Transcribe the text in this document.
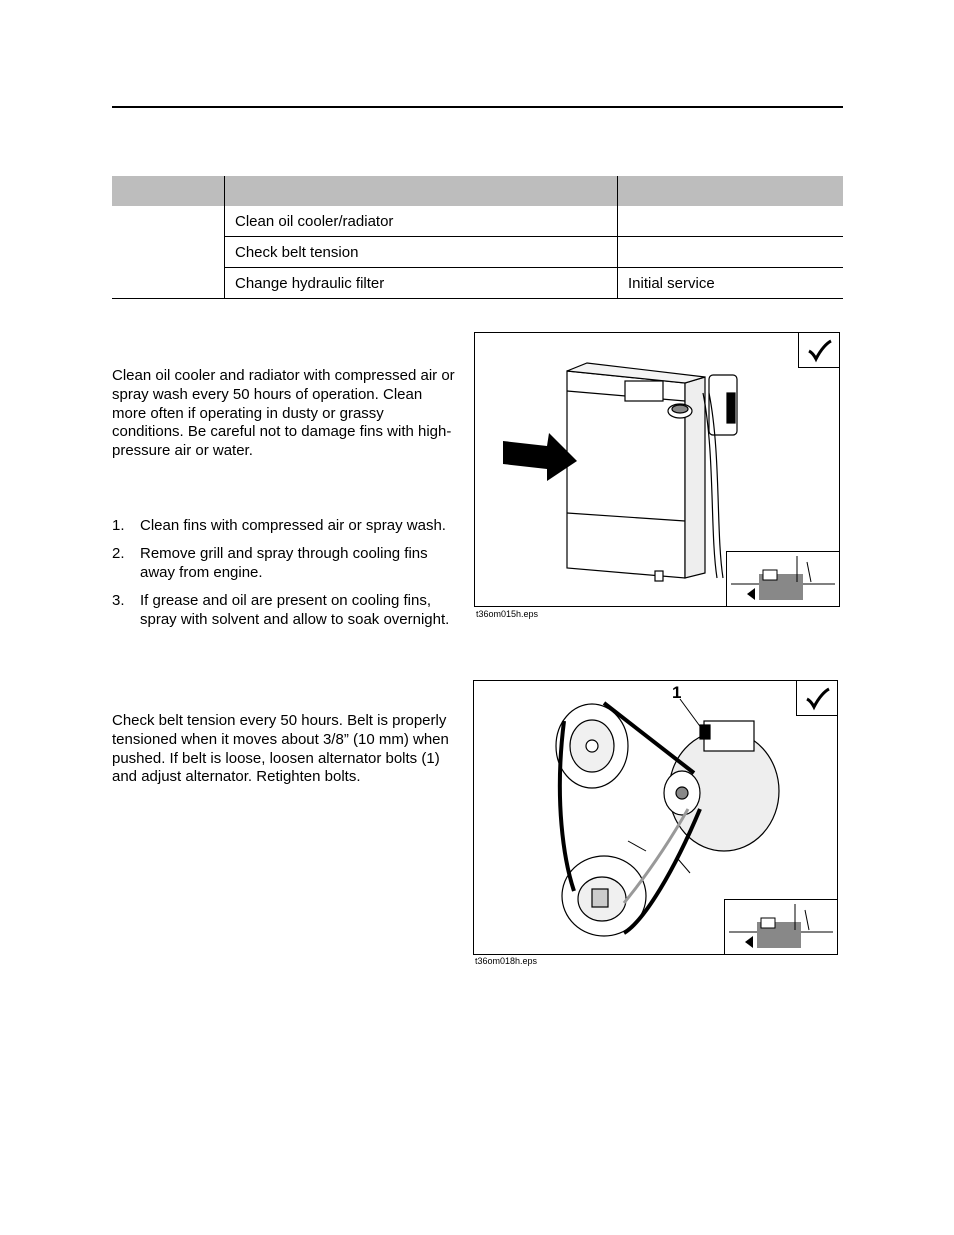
	Clean oil cooler/radiator	
	Check belt tension	
	Change hydraulic filter	Initial service

Clean oil cooler and radiator with compressed air or spray wash every 50 hours of operation. Clean more often if operating in dusty or grassy conditions. Be careful not to damage fins with high-pressure air or water.

1. Clean fins with compressed air or spray wash.
2. Remove grill and spray through cooling fins away from engine.
3. If grease and oil are present on cooling fins, spray with solvent and allow to soak overnight.	t36om015h.eps

Check belt tension every 50 hours. Belt is properly tensioned when it moves about 3/8” (10 mm) when pushed. If belt is loose, loosen alternator bolts (1) and adjust alternator. Retighten bolts.

1
t36om018h.eps
